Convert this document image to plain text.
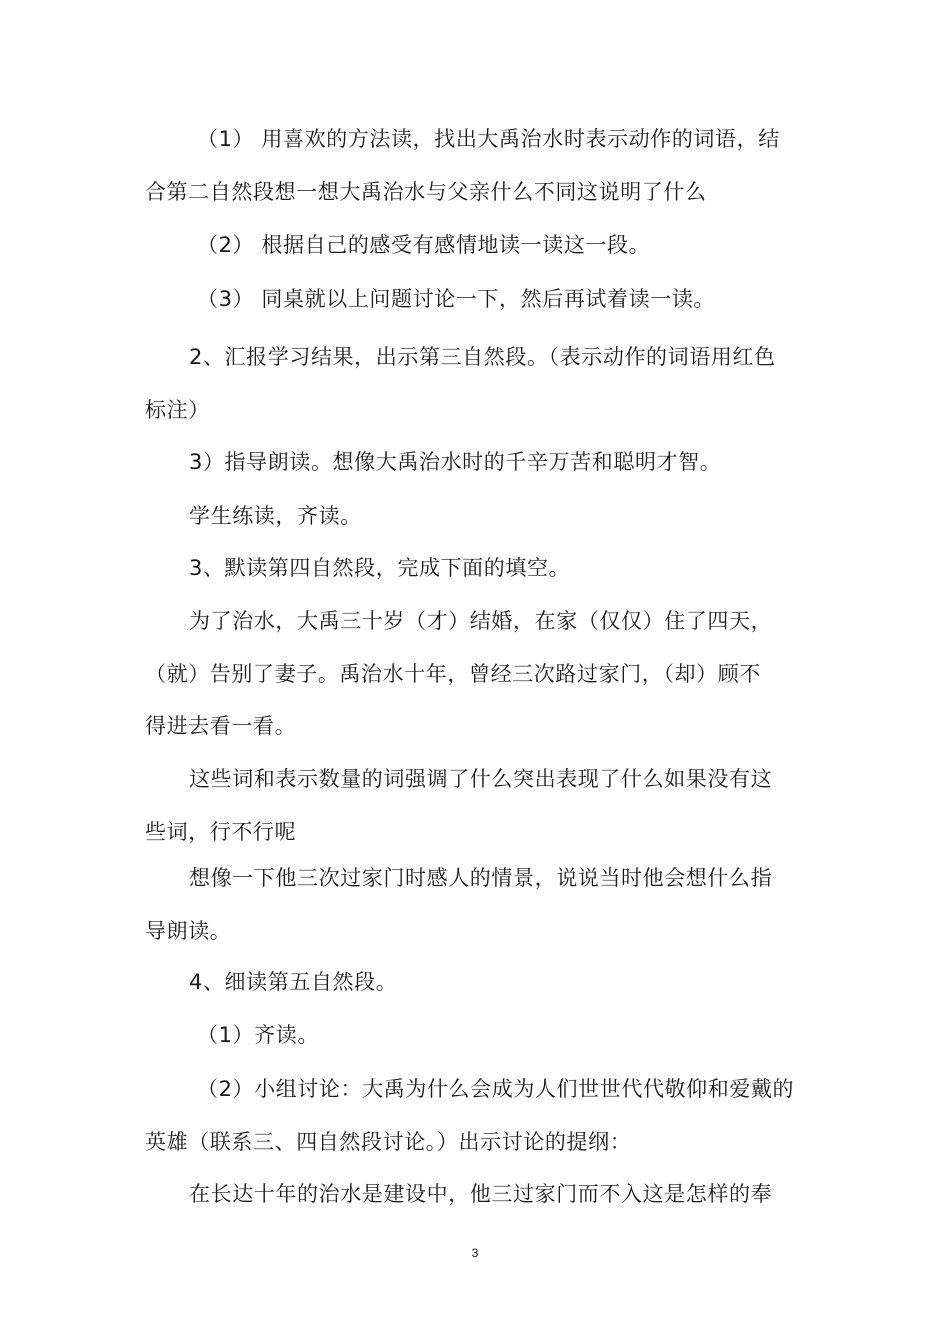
（1） 用喜欢的方法读，找出大禹治水时表示动作的词语，结
合第二自然段想一想大禹治水与父亲什么不同这说明了什么
（2） 根据自己的感受有感情地读一读这一段。
（3） 同桌就以上问题讨论一下，然后再试着读一读。
2、汇报学习结果，出示第三自然段。（表示动作的词语用红色
标注）
3）指导朗读。想像大禹治水时的千辛万苦和聪明才智。
学生练读，齐读。
3、默读第四自然段，完成下面的填空。
为了治水，大禹三十岁（才）结婚，在家（仅仅）住了四天，
（就）告别了妻子。禹治水十年，曾经三次路过家门，（却）顾不
得进去看一看。
这些词和表示数量的词强调了什么突出表现了什么如果没有这
些词，行不行呢
想像一下他三次过家门时感人的情景，说说当时他会想什么指
导朗读。
4、细读第五自然段。
（1）齐读。
（2）小组讨论：大禹为什么会成为人们世世代代敬仰和爱戴的
英雄（联系三、四自然段讨论。）出示讨论的提纲：
在长达十年的治水是建设中，他三过家门而不入这是怎样的奉
3
